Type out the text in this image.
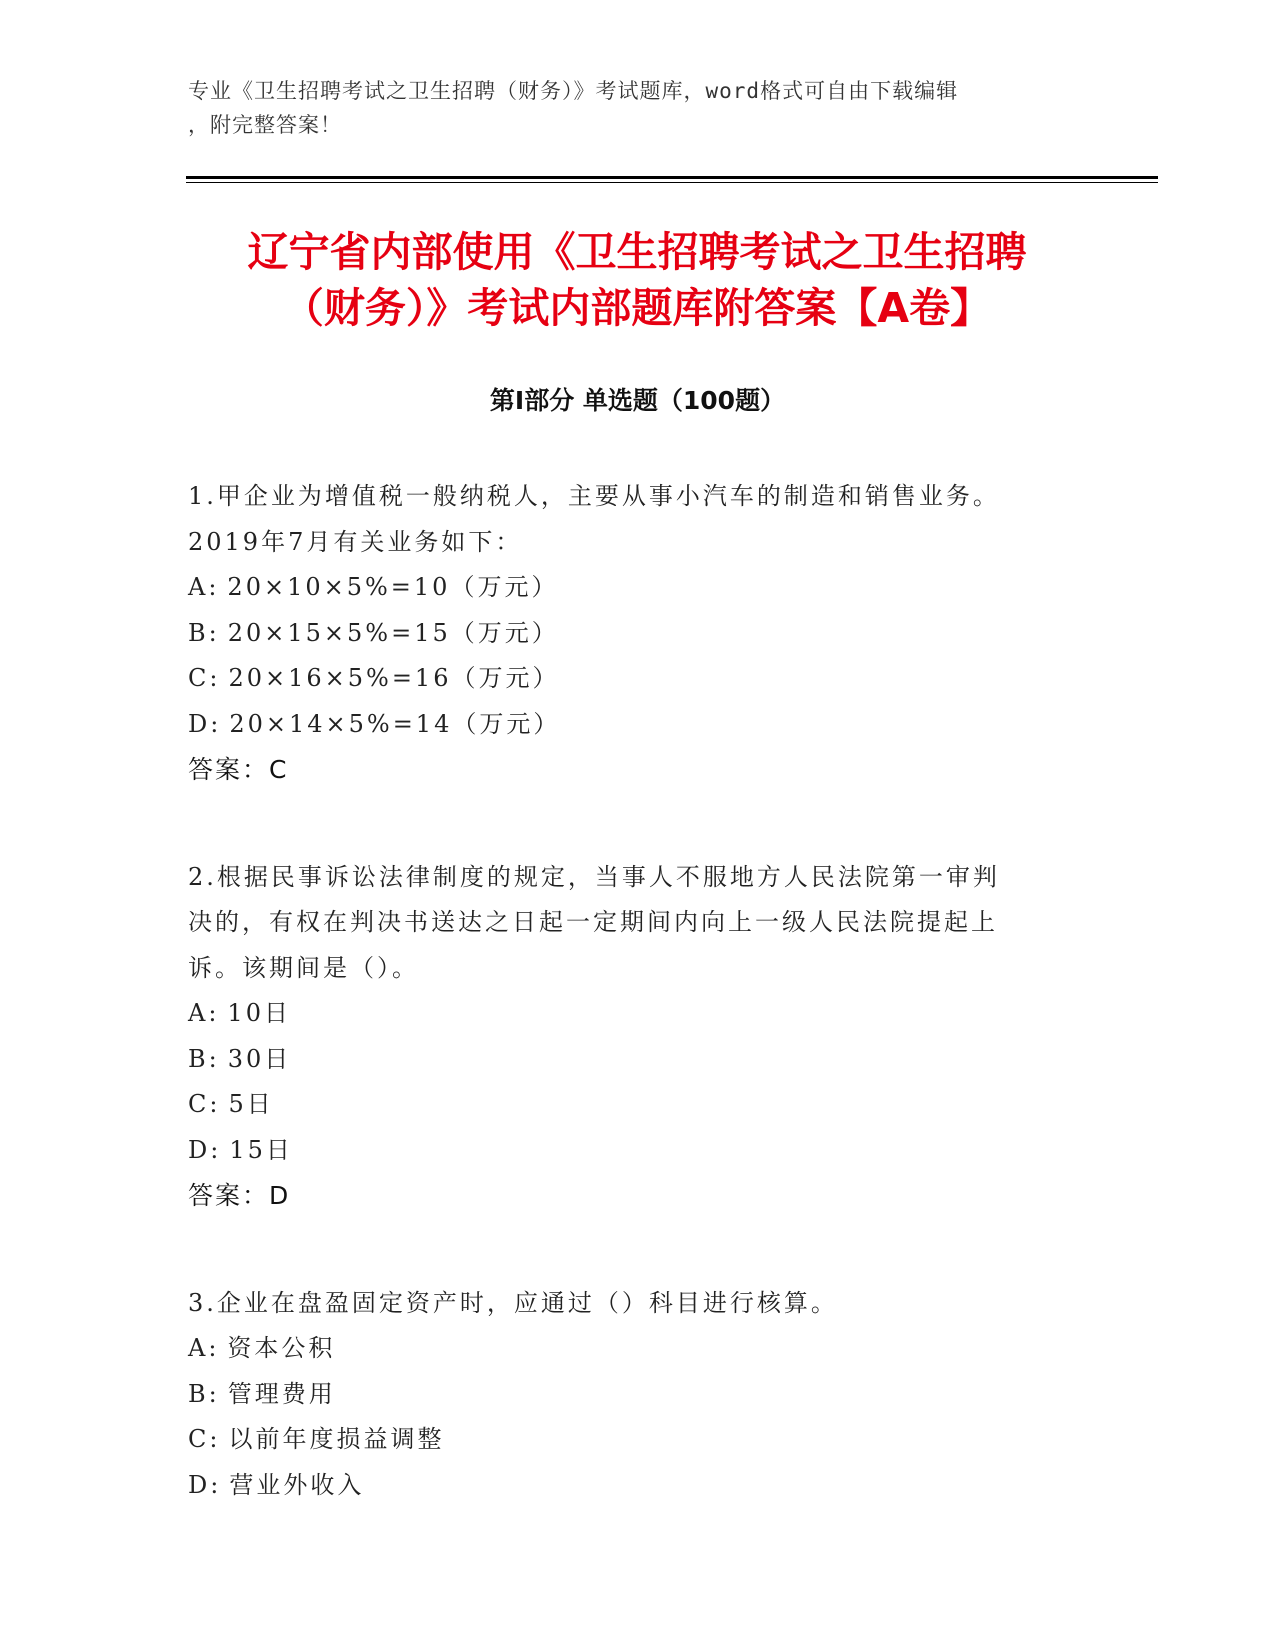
专业《卫生招聘考试之卫生招聘（财务）》考试题库，word格式可自由下载编辑
，附完整答案！
辽宁省内部使用《卫生招聘考试之卫生招聘
（财务）》考试内部题库附答案【A卷】
第Ⅰ部分 单选题（100题）

1.甲企业为增值税一般纳税人，主要从事小汽车的制造和销售业务。
2019年7月有关业务如下：

A: 20×10×5%=10（万元）

B: 20×15×5%=15（万元）

C: 20×16×5%=16（万元）

D: 20×14×5%=14（万元）

答案：C

2.根据民事诉讼法律制度的规定，当事人不服地方人民法院第一审判
决的，有权在判决书送达之日起一定期间内向上一级人民法院提起上
诉。该期间是（）。

A: 10日

B: 30日

C: 5日

D: 15日

答案：D

3.企业在盘盈固定资产时，应通过（）科目进行核算。

A: 资本公积

B: 管理费用

C: 以前年度损益调整

D: 营业外收入
